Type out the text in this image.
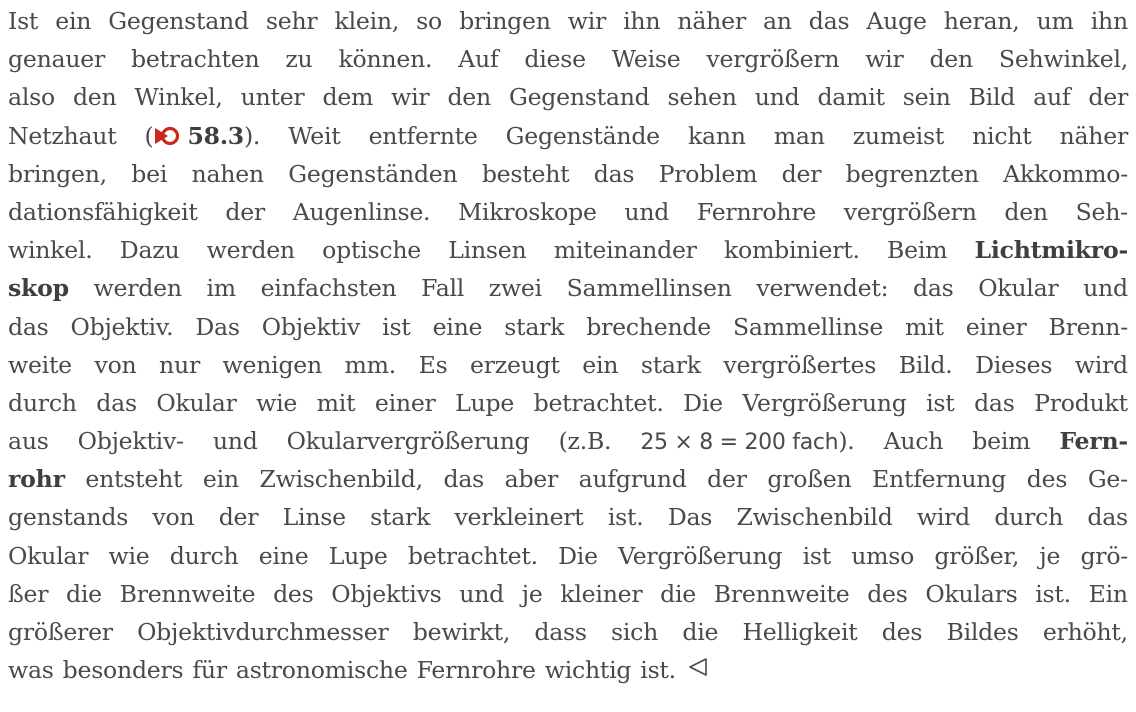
Ist ein Gegenstand sehr klein, so bringen wir ihn näher an das Auge heran, um ihn
genauer betrachten zu können. Auf diese Weise vergrößern wir den Sehwinkel,
also den Winkel, unter dem wir den Gegenstand sehen und damit sein Bild auf der
Netzhaut ( 58.3). Weit entfernte Gegenstände kann man zumeist nicht näher
bringen, bei nahen Gegenständen besteht das Problem der begrenzten Akkommo-
dationsfähigkeit der Augenlinse. Mikroskope und Fernrohre vergrößern den Seh-
winkel. Dazu werden optische Linsen miteinander kombiniert. Beim Lichtmikro-
skop werden im einfachsten Fall zwei Sammellinsen verwendet: das Okular und
das Objektiv. Das Objektiv ist eine stark brechende Sammellinse mit einer Brenn-
weite von nur wenigen mm. Es erzeugt ein stark vergrößertes Bild. Dieses wird
durch das Okular wie mit einer Lupe betrachtet. Die Vergrößerung ist das Produkt
aus Objektiv- und Okularvergrößerung (z.B. 25 × 8 = 200 fach). Auch beim Fern-
rohr entsteht ein Zwischenbild, das aber aufgrund der großen Entfernung des Ge-
genstands von der Linse stark verkleinert ist. Das Zwischenbild wird durch das
Okular wie durch eine Lupe betrachtet. Die Vergrößerung ist umso größer, je grö-
ßer die Brennweite des Objektivs und je kleiner die Brennweite des Okulars ist. Ein
größerer Objektivdurchmesser bewirkt, dass sich die Helligkeit des Bildes erhöht,
was besonders für astronomische Fernrohre wichtig ist.
